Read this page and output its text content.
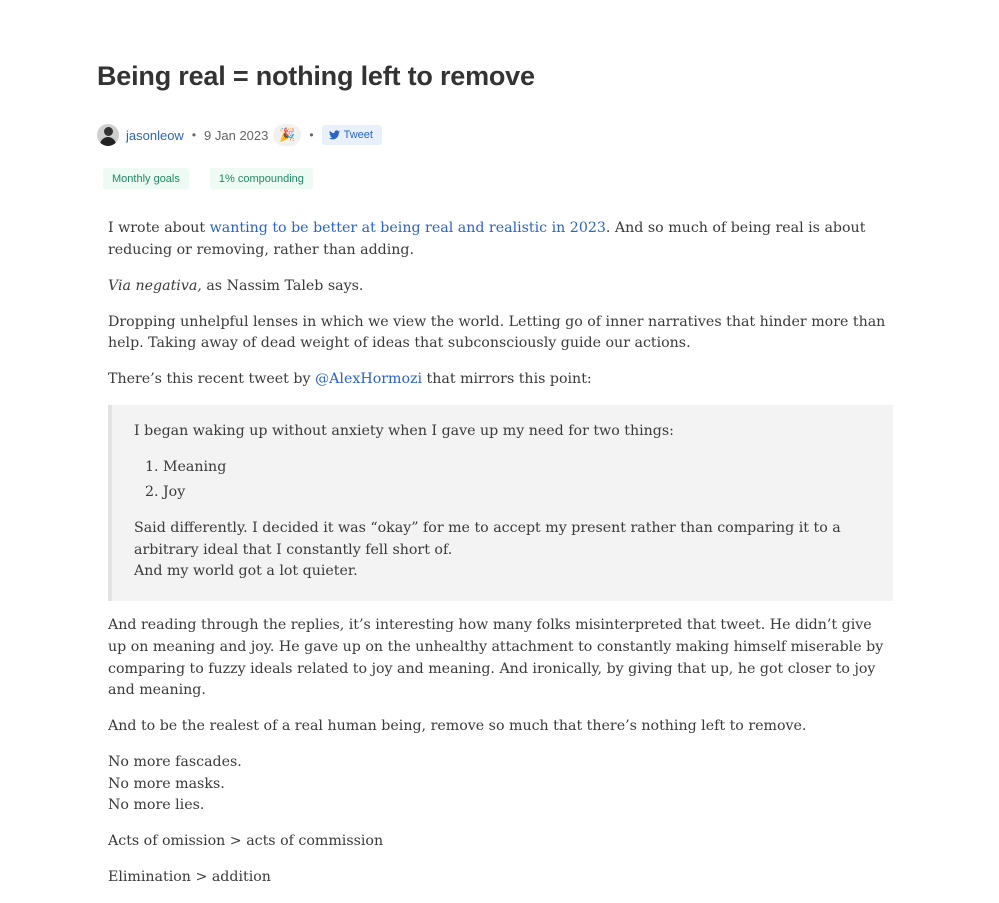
Being real = nothing left to remove
jasonleow • 9 Jan 2023 🎉 •	Tweet
Monthly goals	1% compounding

I wrote about wanting to be better at being real and realistic in 2023. And so much of being real is about reducing or removing, rather than adding.

Via negativa, as Nassim Taleb says.

Dropping unhelpful lenses in which we view the world. Letting go of inner narratives that hinder more than help. Taking away of dead weight of ideas that subconsciously guide our actions.

There’s this recent tweet by @AlexHormozi that mirrors this point:

I began waking up without anxiety when I gave up my need for two things:

1. Meaning
2. Joy

Said differently. I decided it was “okay” for me to accept my present rather than comparing it to a arbitrary ideal that I constantly fell short of.
And my world got a lot quieter.

And reading through the replies, it’s interesting how many folks misinterpreted that tweet. He didn’t give up on meaning and joy. He gave up on the unhealthy attachment to constantly making himself miserable by comparing to fuzzy ideals related to joy and meaning. And ironically, by giving that up, he got closer to joy and meaning.

And to be the realest of a real human being, remove so much that there’s nothing left to remove.

No more fascades.
No more masks.
No more lies.

Acts of omission > acts of commission

Elimination > addition
